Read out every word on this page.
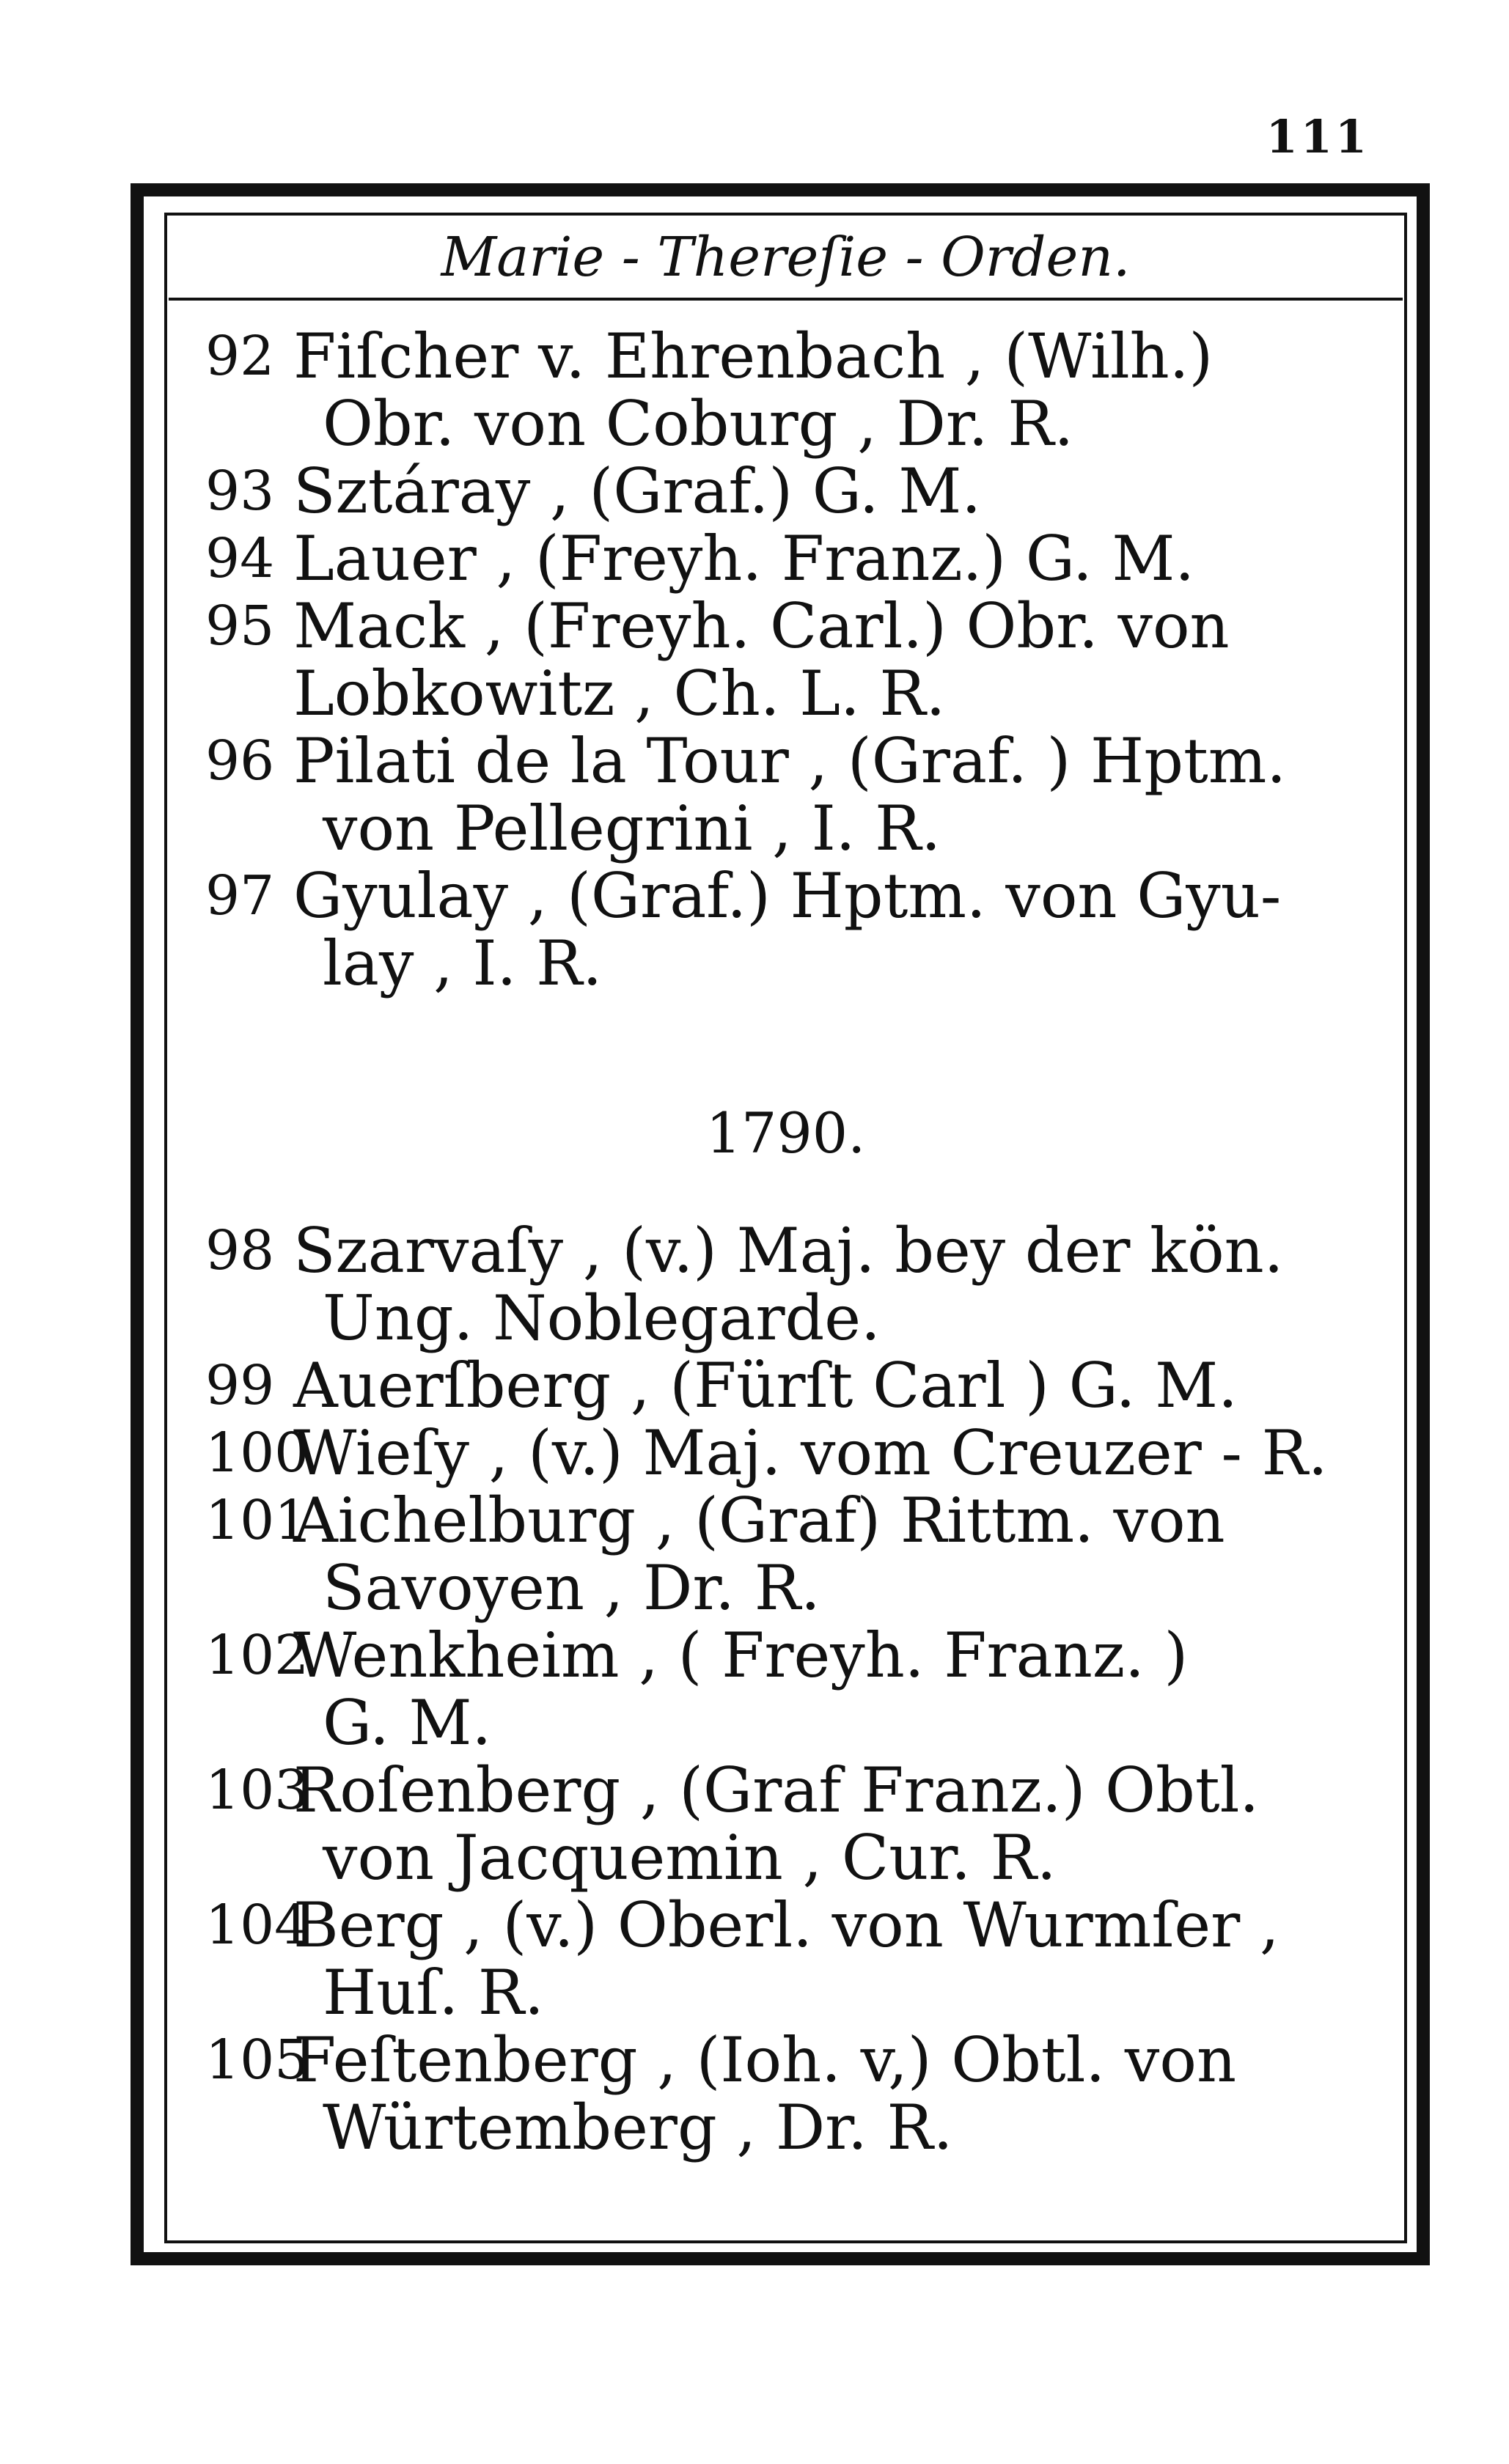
111
Marie - Thereſie - Orden.
92 Fiſcher v. Ehrenbach , (Wilh.)
Obr. von Coburg , Dr. R.
93 Sztáray , (Graf.) G. M.
94 Lauer , (Freyh. Franz.) G. M.
95 Mack , (Freyh. Carl.) Obr. von
Lobkowitz , Ch. L. R.
96 Pilati de la Tour , (Graf. ) Hptm.
von Pellegrini , I. R.
97 Gyulay , (Graf.) Hptm. von Gyu-
lay , I. R.
1790.
98 Szarvaſy , (v.) Maj. bey der kön.
Ung. Noblegarde.
99 Auerſberg , (Fürſt Carl ) G. M.
100
Wieſy , (v.) Maj. vom Creuzer - R.
101
Aichelburg , (Graf) Rittm. von
Savoyen , Dr. R.
102
Wenkheim , ( Freyh. Franz. )
G. M.
103
Roſenberg , (Graf Franz.) Obtl.
von Jacquemin , Cur. R.
104
Berg , (v.) Oberl. von Wurmſer ,
Huſ. R.
105
Feſtenberg , (Ioh. v,) Obtl. von
Würtemberg , Dr. R.
